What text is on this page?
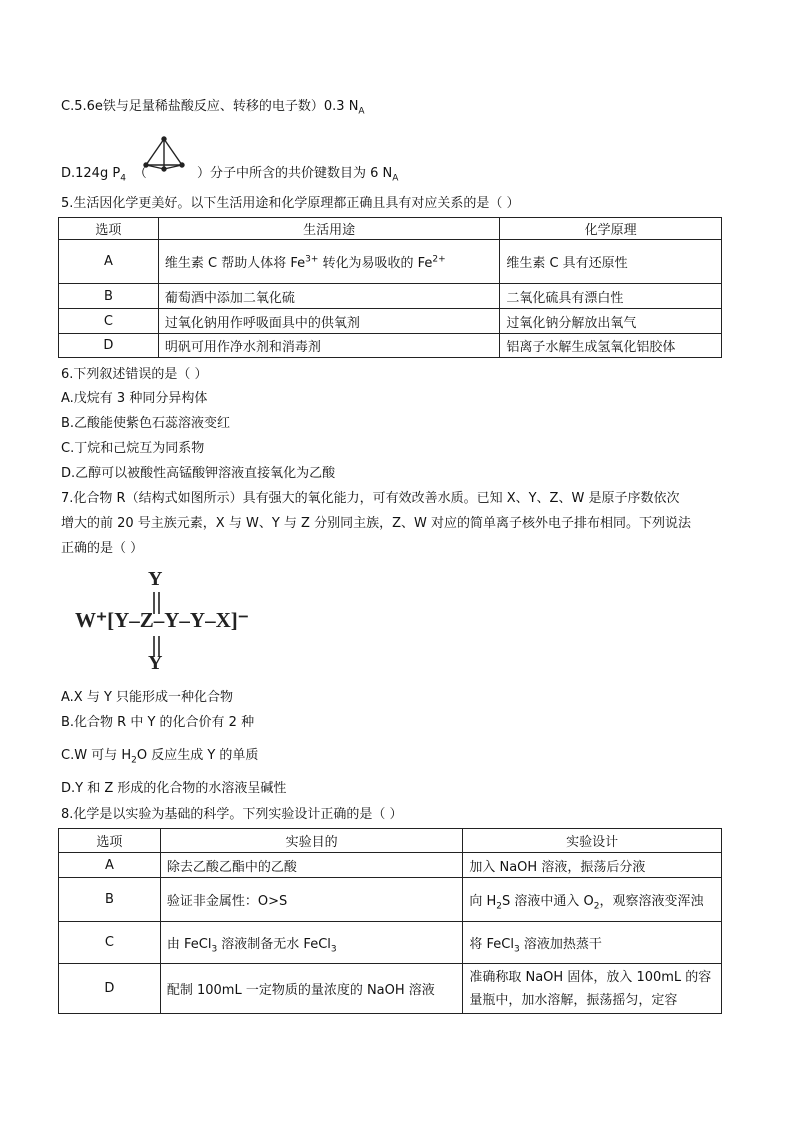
C.5.6e铁与足量稀盐酸反应、转移的电子数）0.3 $N_A$
D.124g $P_4$ （	）分子中所含的共价键数目为 6 $N_A$
5.生活因化学更美好。以下生活用途和化学原理都正确且具有对应关系的是（ ）
选项	生活用途	化学原理
A	维生素 C 帮助人体将 $Fe^{3+}$ 转化为易吸收的 $Fe^{2+}$	维生素 C 具有还原性
B	葡萄酒中添加二氧化硫	二氧化硫具有漂白性
C	过氧化钠用作呼吸面具中的供氧剂	过氧化钠分解放出氧气
D	明矾可用作净水剂和消毒剂	铝离子水解生成氢氧化铝胶体
6.下列叙述错误的是（ ）
A.戊烷有 3 种同分异构体
B.乙酸能使紫色石蕊溶液变红
C.丁烷和己烷互为同系物
D.乙醇可以被酸性高锰酸钾溶液直接氧化为乙酸
7.化合物 R（结构式如图所示）具有强大的氧化能力，可有效改善水质。已知 X、Y、Z、W 是原子序数依次
增大的前 20 号主族元素，X 与 W、Y 与 Z 分别同主族，Z、W 对应的简单离子核外电子排布相同。下列说法
正确的是（ ）
Y
W⁺[Y–Z–Y–Y–X]⁻
Y
A.X 与 Y 只能形成一种化合物
B.化合物 R 中 Y 的化合价有 2 种
C.W 可与 $H_2O$ 反应生成 Y 的单质
D.Y 和 Z 形成的化合物的水溶液呈碱性
8.化学是以实验为基础的科学。下列实验设计正确的是（ ）
选项	实验目的	实验设计
A	除去乙酸乙酯中的乙酸	加入 NaOH 溶液，振荡后分液
B	验证非金属性：O>S	向 $H_2S$ 溶液中通入 $O_2$，观察溶液变浑浊
C	由 FeCl$_3$ 溶液制备无水 FeCl$_3$	将 FeCl$_3$ 溶液加热蒸干
D	配制 100mL 一定物质的量浓度的 NaOH 溶液	准确称取 NaOH 固体，放入 100mL 的容
量瓶中，加水溶解，振荡摇匀，定容
